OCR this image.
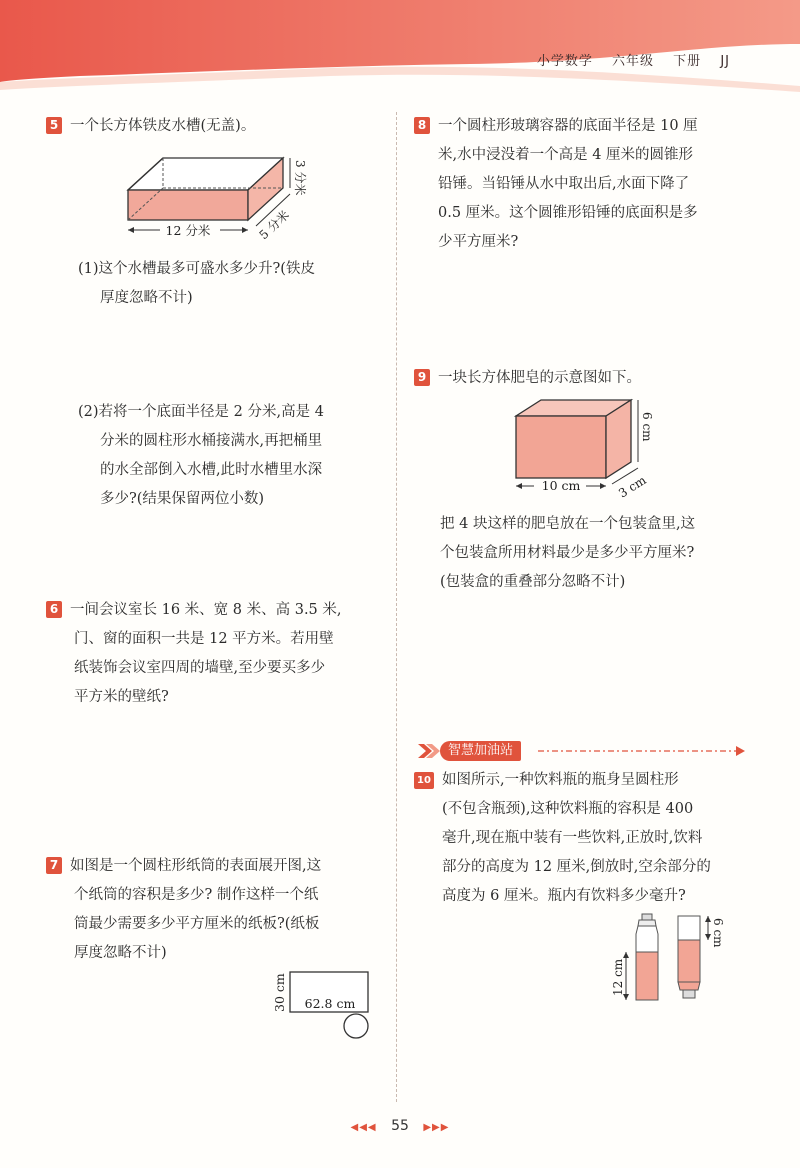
小学数学 六年级 下册 JJ
5 一个长方体铁皮水槽(无盖)。
12 分米
3 分米
5 分米
(1)这个水槽最多可盛水多少升?(铁皮
厚度忽略不计)
(2)若将一个底面半径是 2 分米,高是 4
分米的圆柱形水桶接满水,再把桶里
的水全部倒入水槽,此时水槽里水深
多少?(结果保留两位小数)
6 一间会议室长 16 米、宽 8 米、高 3.5 米,
门、窗的面积一共是 12 平方米。若用壁
纸装饰会议室四周的墙壁,至少要买多少
平方米的壁纸?
7 如图是一个圆柱形纸筒的表面展开图,这
个纸筒的容积是多少? 制作这样一个纸
筒最少需要多少平方厘米的纸板?(纸板
厚度忽略不计)
62.8 cm
30 cm
8 一个圆柱形玻璃容器的底面半径是 10 厘
米,水中浸没着一个高是 4 厘米的圆锥形
铅锤。当铅锤从水中取出后,水面下降了
0.5 厘米。这个圆锥形铅锤的底面积是多
少平方厘米?
9 一块长方体肥皂的示意图如下。
10 cm
6 cm
3 cm
把 4 块这样的肥皂放在一个包装盒里,这
个包装盒所用材料最少是多少平方厘米?
(包装盒的重叠部分忽略不计)
智慧加油站
10 如图所示,一种饮料瓶的瓶身呈圆柱形
(不包含瓶颈),这种饮料瓶的容积是 400
毫升,现在瓶中装有一些饮料,正放时,饮料
部分的高度为 12 厘米,倒放时,空余部分的
高度为 6 厘米。瓶内有饮料多少毫升?
12 cm
6 cm
◀◀◀ 55 ▶▶▶
